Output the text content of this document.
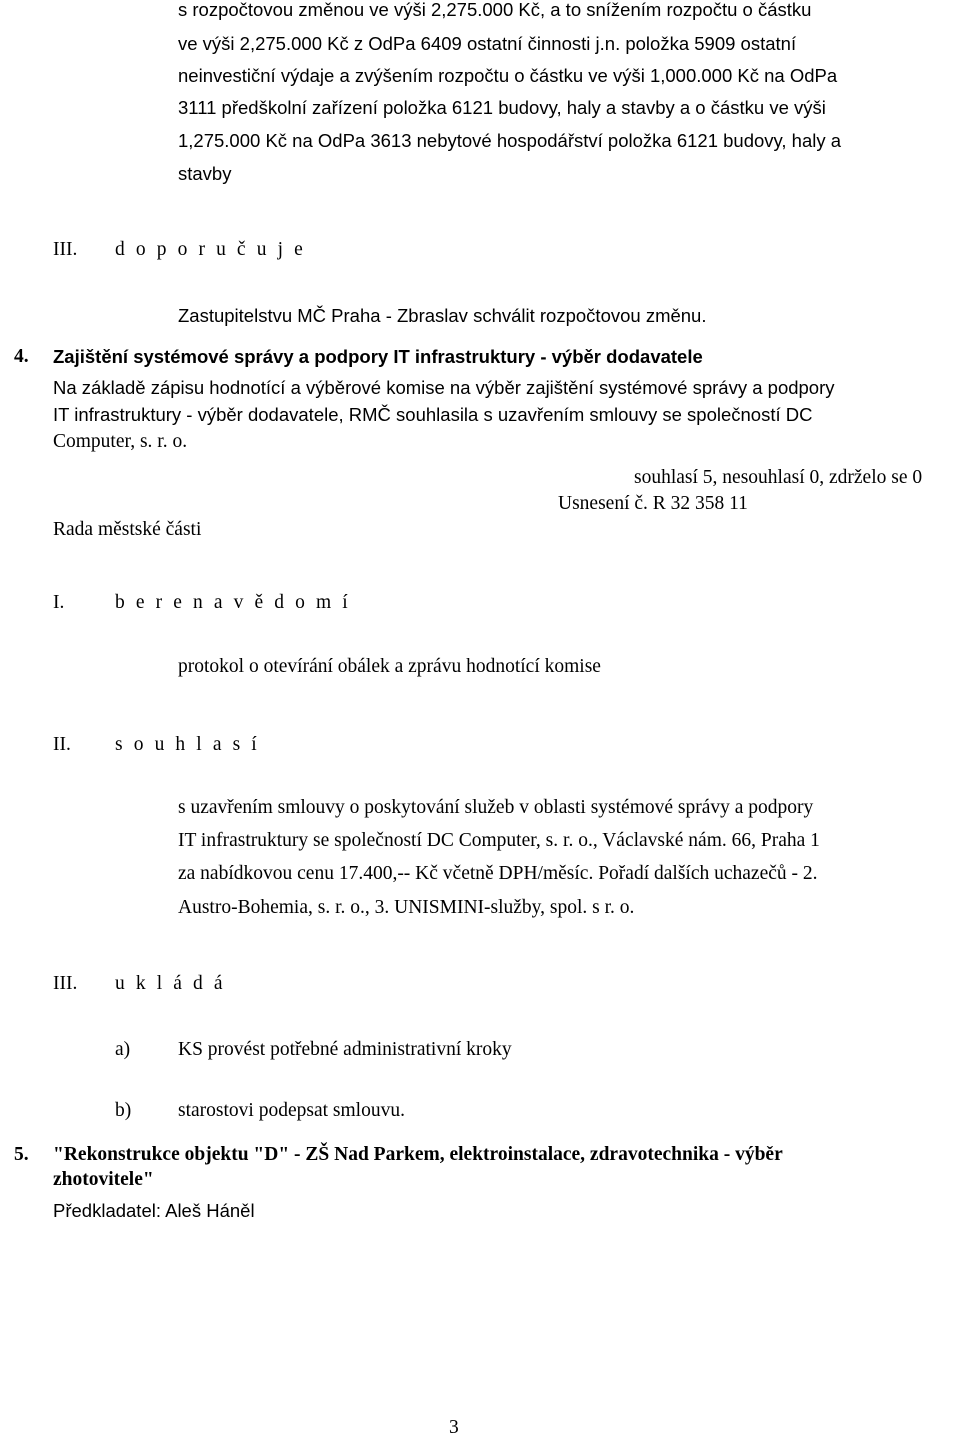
s rozpočtovou změnou ve výši 2,275.000 Kč, a to snížením rozpočtu o částku
ve výši 2,275.000 Kč z OdPa 6409 ostatní činnosti j.n. položka 5909 ostatní
neinvestiční výdaje a zvýšením rozpočtu o částku ve výši 1,000.000 Kč na OdPa
3111 předškolní zařízení položka 6121 budovy, haly a stavby a o částku ve výši
1,275.000 Kč na OdPa 3613 nebytové hospodářství položka 6121 budovy, haly a
stavby
III. d o p o r u č u j e
Zastupitelstvu MČ Praha - Zbraslav schválit rozpočtovou změnu.
4. Zajištění systémové správy a podpory IT infrastruktury - výběr dodavatele
Na základě zápisu hodnotící a výběrové komise na výběr zajištění systémové správy a podpory
IT infrastruktury - výběr dodavatele, RMČ souhlasila s uzavřením smlouvy se společností DC
Computer, s. r. o.
souhlasí 5, nesouhlasí 0, zdrželo se 0
Usnesení č. R 32 358 11
Rada městské části
I.	b e r e n a v ě d o m í
protokol o otevírání obálek a zprávu hodnotící komise
II. s o u h l a s í
s uzavřením smlouvy o poskytování služeb v oblasti systémové správy a podpory
IT infrastruktury se společností DC Computer, s. r. o., Václavské nám. 66, Praha 1
za nabídkovou cenu 17.400,-- Kč včetně DPH/měsíc. Pořadí dalších uchazečů - 2.
Austro-Bohemia, s. r. o., 3. UNISMINI-služby, spol. s r. o.
III. u k l á d á
a) KS provést potřebné administrativní kroky
b) starostovi podepsat smlouvu.
5. "Rekonstrukce objektu "D" - ZŠ Nad Parkem, elektroinstalace, zdravotechnika - výběr
zhotovitele"
Předkladatel: Aleš Háněl
3
